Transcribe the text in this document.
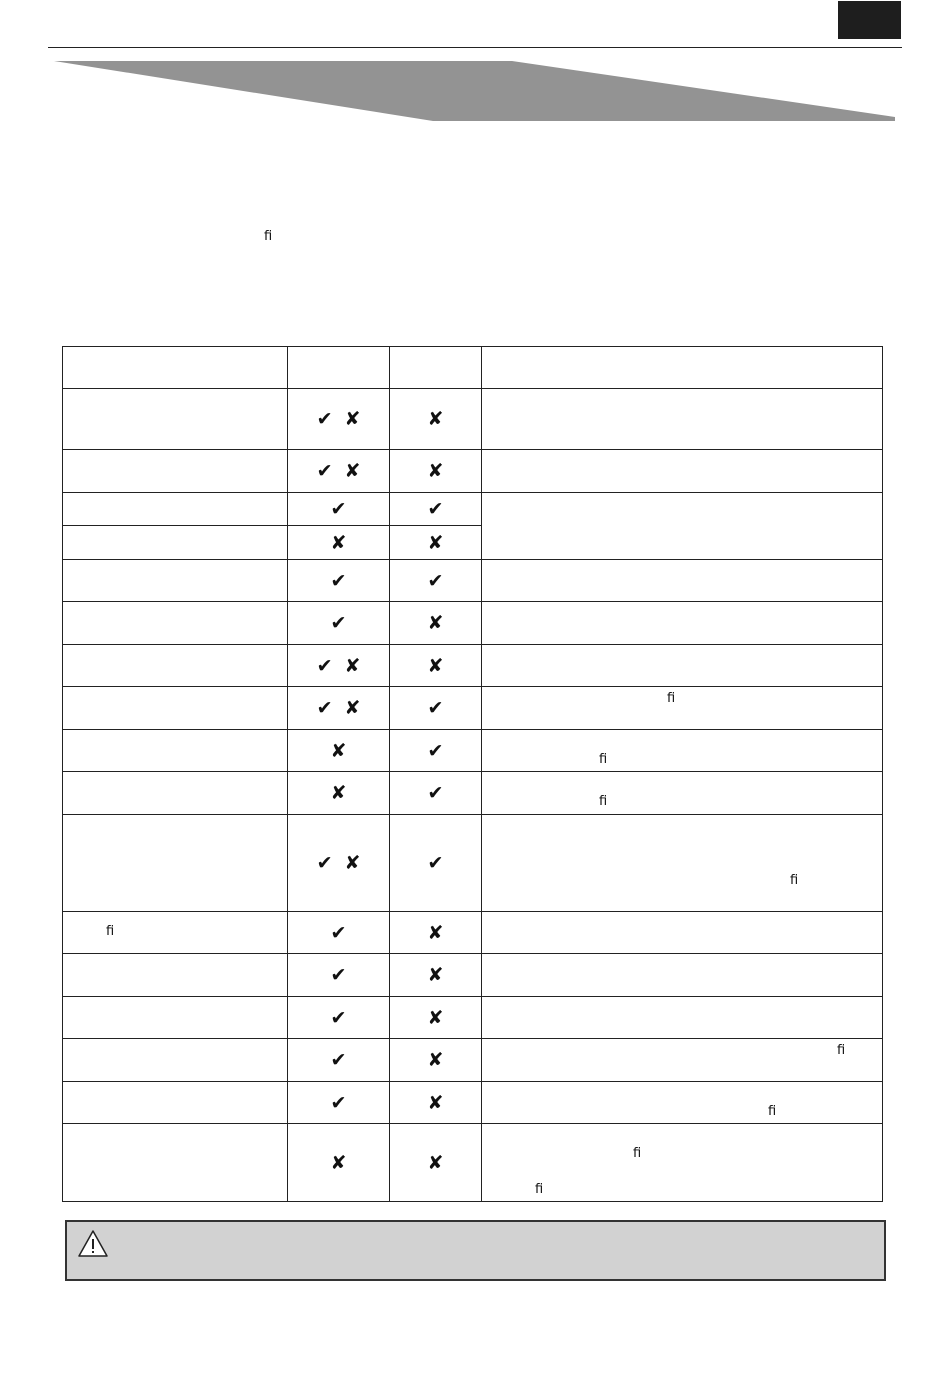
ﬁ

	✔ ✘	✘	
	✔ ✘	✘	
	✔	✔	
	✘	✘	
	✔	✔	
	✔	✘	
	✔ ✘	✘	
	✔ ✘	✔	ﬁ

	✘	✔	ﬁ

	✘	✔	ﬁ

	✔ ✘	✔	ﬁ

ﬁ	✔	✘	
	✔	✘	
	✔	✘	
	✔	✘	ﬁ

	✔	✘	ﬁ

	✘	✘	ﬁ
ﬁ
